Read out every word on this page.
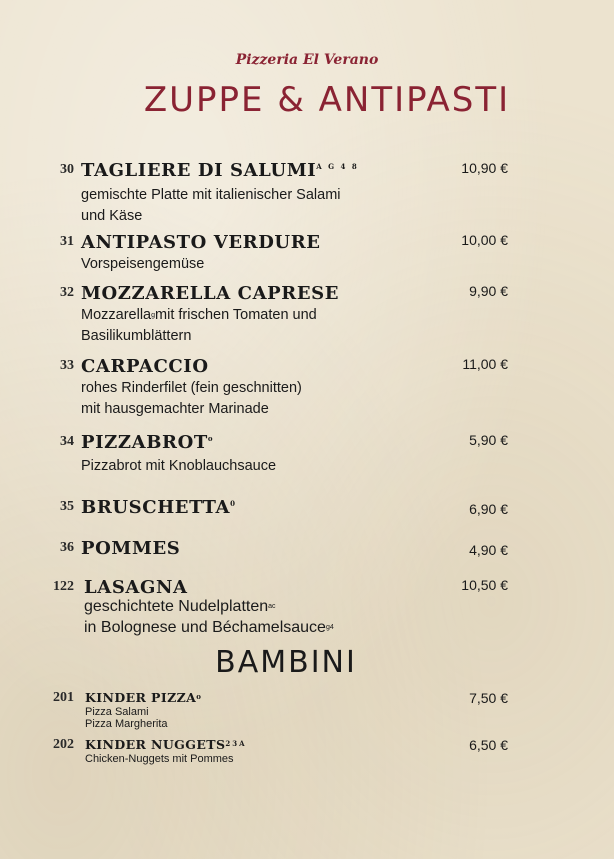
Pizzeria El Verano
ZUPPE & ANTIPASTI
30 TAGLIERE DI $SALUMI^{A G 4 8}$	10,90 €
gemischte Platte mit italienischer Salami
und Käse
31 ANTIPASTO VERDURE	10,00 €
Vorspeisengemüse
32 MOZZARELLA CAPRESE	9,90 €
Mozzarella$^g$mit frischen Tomaten und
Basilikumblättern
33 CARPACCIO	11,00 €
rohes Rinderfilet (fein geschnitten)
mit hausgemachter Marinade
34 PIZZABROT$^o$	5,90 €
Pizzabrot mit Knoblauchsauce
35 BRUSCHETTA$^0$	6,90 €
36 POMMES	4,90 €
122 LASAGNA	10,50 €
geschichtete Nudelplatten$^{ac}$
in Bolognese und Béchamelsauce$^{g4}$
BAMBINI
201 KINDER PIZZA$^o$	7,50 €
Pizza Salami
Pizza Margherita
202 KINDER $NUGGETS^{23A}$	6,50 €
Chicken-Nuggets mit Pommes
